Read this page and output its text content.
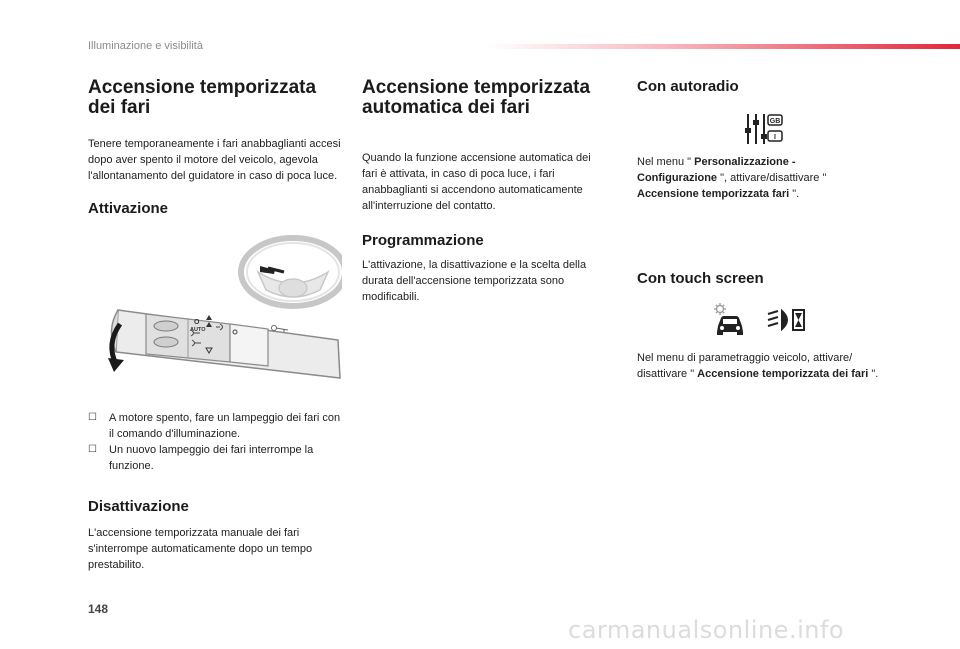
Illuminazione e visibilità
Accensione temporizzata
dei fari

Tenere temporaneamente i fari anabbaglianti accesi dopo aver spento il motore del veicolo, agevola l'allontanamento del guidatore in caso di poca luce.

Attivazione
O
AUTO
☐ A motore spento, fare un lampeggio dei fari con il comando d'illuminazione.
☐ Un nuovo lampeggio dei fari interrompe la funzione.
Disattivazione

L'accensione temporizzata manuale dei fari s'interrompe automaticamente dopo un tempo prestabilito.

Accensione temporizzata
automatica dei fari

Quando la funzione accensione automatica dei fari è attivata, in caso di poca luce, i fari anabbaglianti si accendono automaticamente all'interruzione del contatto.

Programmazione

L'attivazione, la disattivazione e la scelta della durata dell'accensione temporizzata sono modificabili.

Con autoradio
GB
I

Nel menu " Personalizzazione - Configurazione ", attivare/disattivare " Accensione temporizzata fari ".

Con touch screen

Nel menu di parametraggio veicolo, attivare/ disattivare " Accensione temporizzata dei fari ".

148
carmanualsonline.info
